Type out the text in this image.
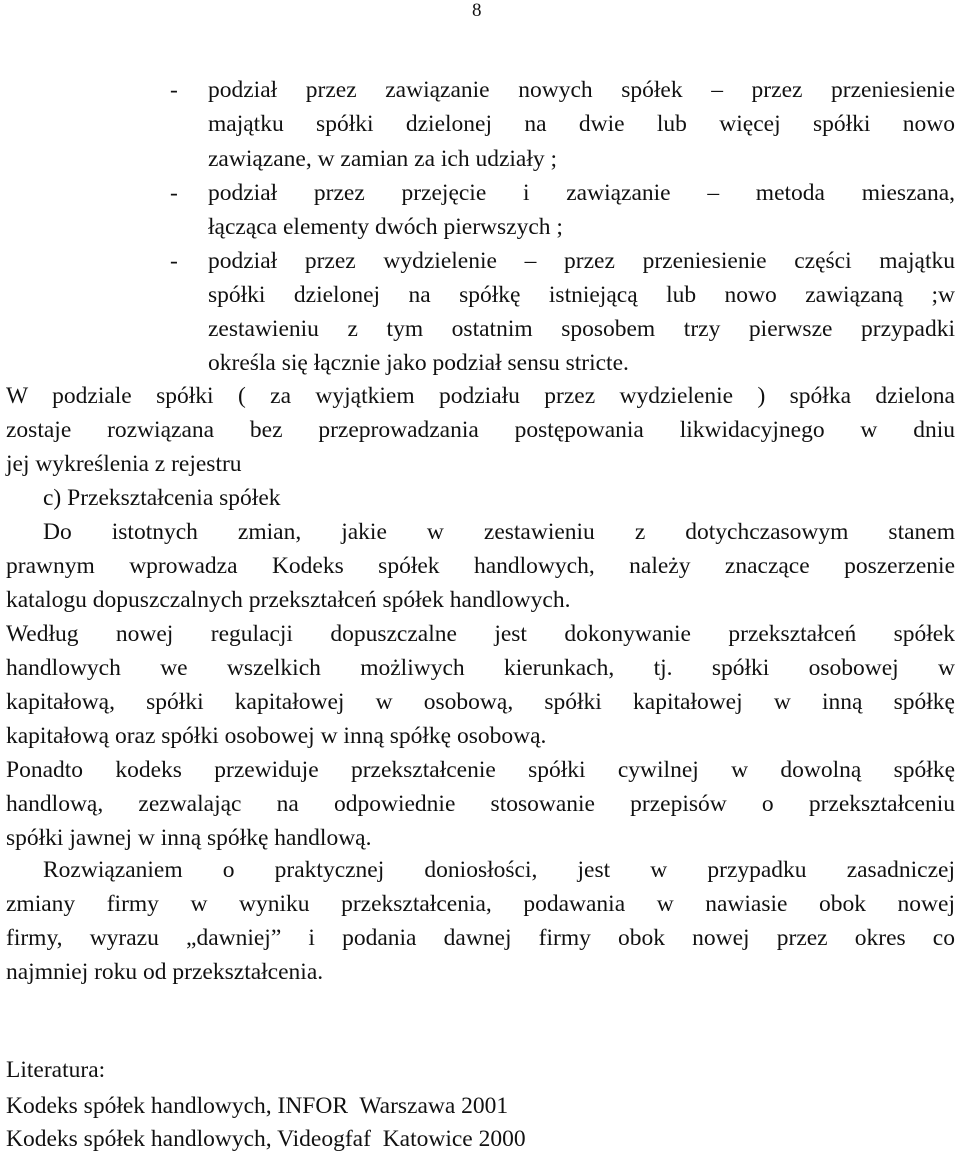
8
- podział przez zawiązanie nowych spółek – przez przeniesienie
majątku spółki dzielonej na dwie lub więcej spółki nowo
zawiązane, w zamian za ich udziały ;
- podział przez przejęcie i zawiązanie – metoda mieszana,
łącząca elementy dwóch pierwszych ;
- podział przez wydzielenie – przez przeniesienie części majątku
spółki dzielonej na spółkę istniejącą lub nowo zawiązaną ;w
zestawieniu z tym ostatnim sposobem trzy pierwsze przypadki
określa się łącznie jako podział sensu stricte.
W podziale spółki ( za wyjątkiem podziału przez wydzielenie ) spółka dzielona
zostaje rozwiązana bez przeprowadzania postępowania likwidacyjnego w dniu
jej wykreślenia z rejestru
c) Przekształcenia spółek
Do istotnych zmian, jakie w zestawieniu z dotychczasowym stanem
prawnym wprowadza Kodeks spółek handlowych, należy znaczące poszerzenie
katalogu dopuszczalnych przekształceń spółek handlowych.
Według nowej regulacji dopuszczalne jest dokonywanie przekształceń spółek
handlowych we wszelkich możliwych kierunkach, tj. spółki osobowej w
kapitałową, spółki kapitałowej w osobową, spółki kapitałowej w inną spółkę
kapitałową oraz spółki osobowej w inną spółkę osobową.
Ponadto kodeks przewiduje przekształcenie spółki cywilnej w dowolną spółkę
handlową, zezwalając na odpowiednie stosowanie przepisów o przekształceniu
spółki jawnej w inną spółkę handlową.
Rozwiązaniem o praktycznej doniosłości, jest w przypadku zasadniczej
zmiany firmy w wyniku przekształcenia, podawania w nawiasie obok nowej
firmy, wyrazu „dawniej” i podania dawnej firmy obok nowej przez okres co
najmniej roku od przekształcenia.
Literatura:
Kodeks spółek handlowych, INFOR  Warszawa 2001
Kodeks spółek handlowych, Videogfaf  Katowice 2000
